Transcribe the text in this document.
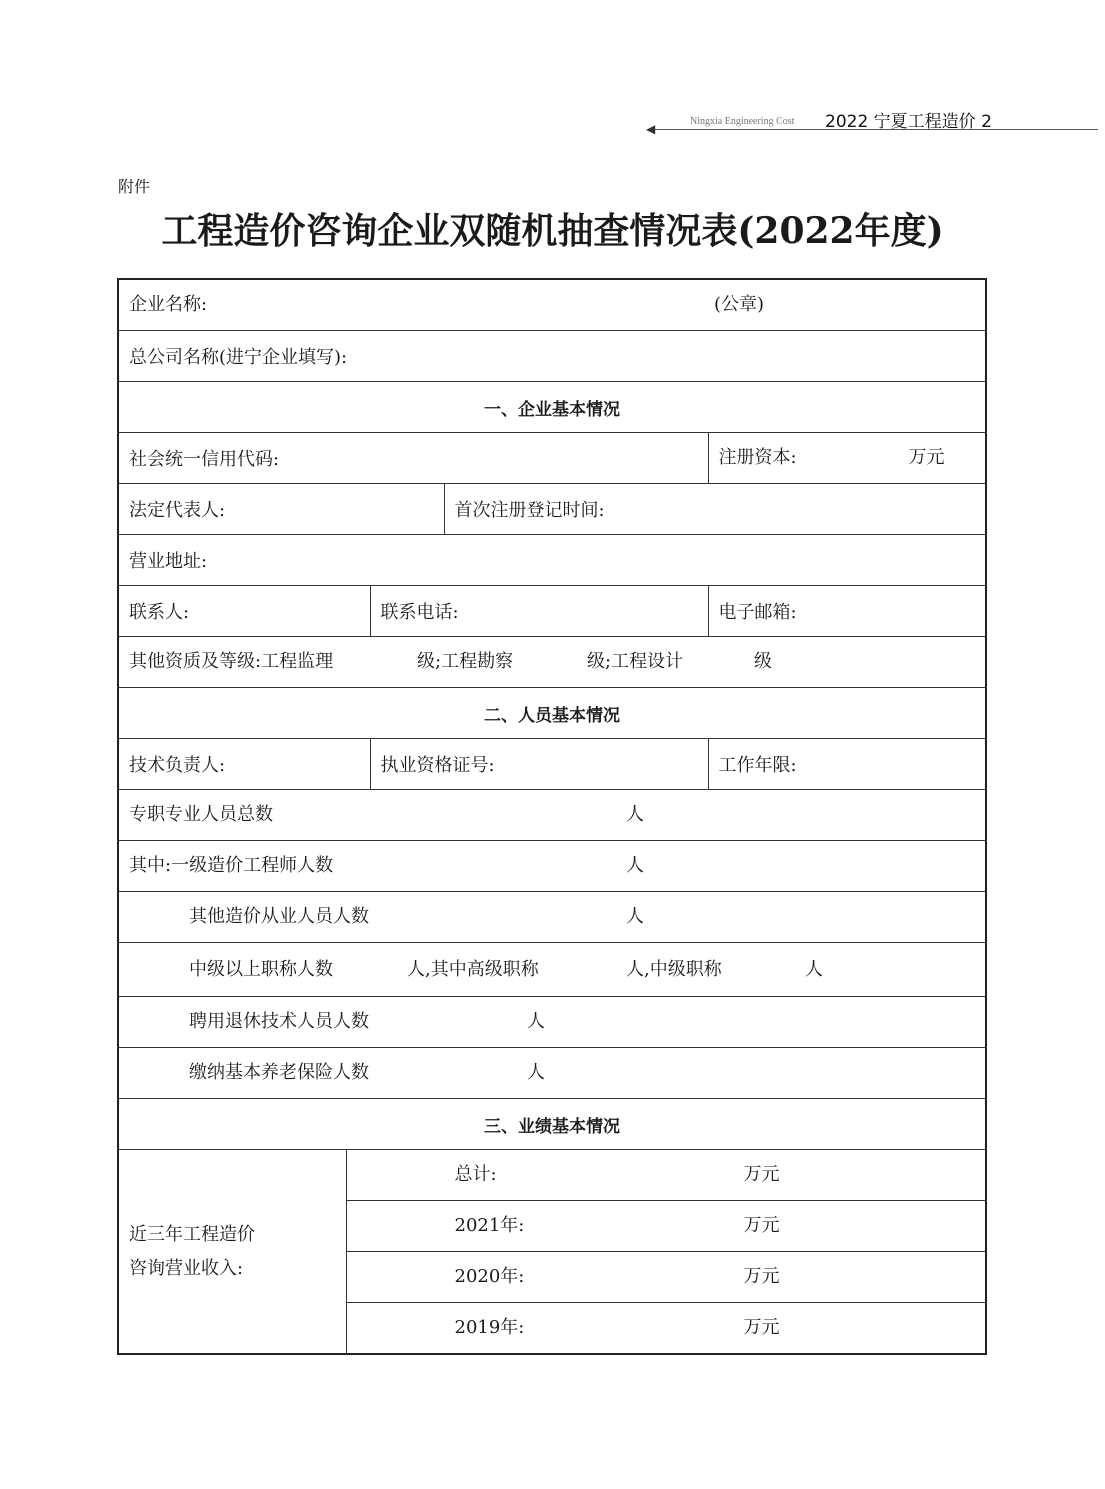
◀
Ningxia Engineering Cost 2022 宁夏工程造价 2
附件
工程造价咨询企业双随机抽查情况表(2022年度)
企业名称: (公章)				

总公司名称(进宁企业填写):				
一、企业基本情况				
社会统一信用代码:				注册资本: 万元

法定代表人:			首次注册登记时间:	
营业地址:				
联系人:		联系电话:		电子邮箱:

其他资质及等级:工程监理 级;工程勘察 级;工程设计 级				

二、人员基本情况				
技术负责人:		执业资格证号:		工作年限:

专职专业人员总数 人				

其中:一级造价工程师人数 人				

其他造价从业人员人数 人				

中级以上职称人数 人,其中高级职称 人,中级职称 人				

聘用退休技术人员人数 人				

缴纳基本养老保险人数 人				

三、业绩基本情况				
近三年工程造价
咨询营业收入:	总计: 万元			

	2021年: 万元			

	2020年: 万元			

	2019年: 万元			
